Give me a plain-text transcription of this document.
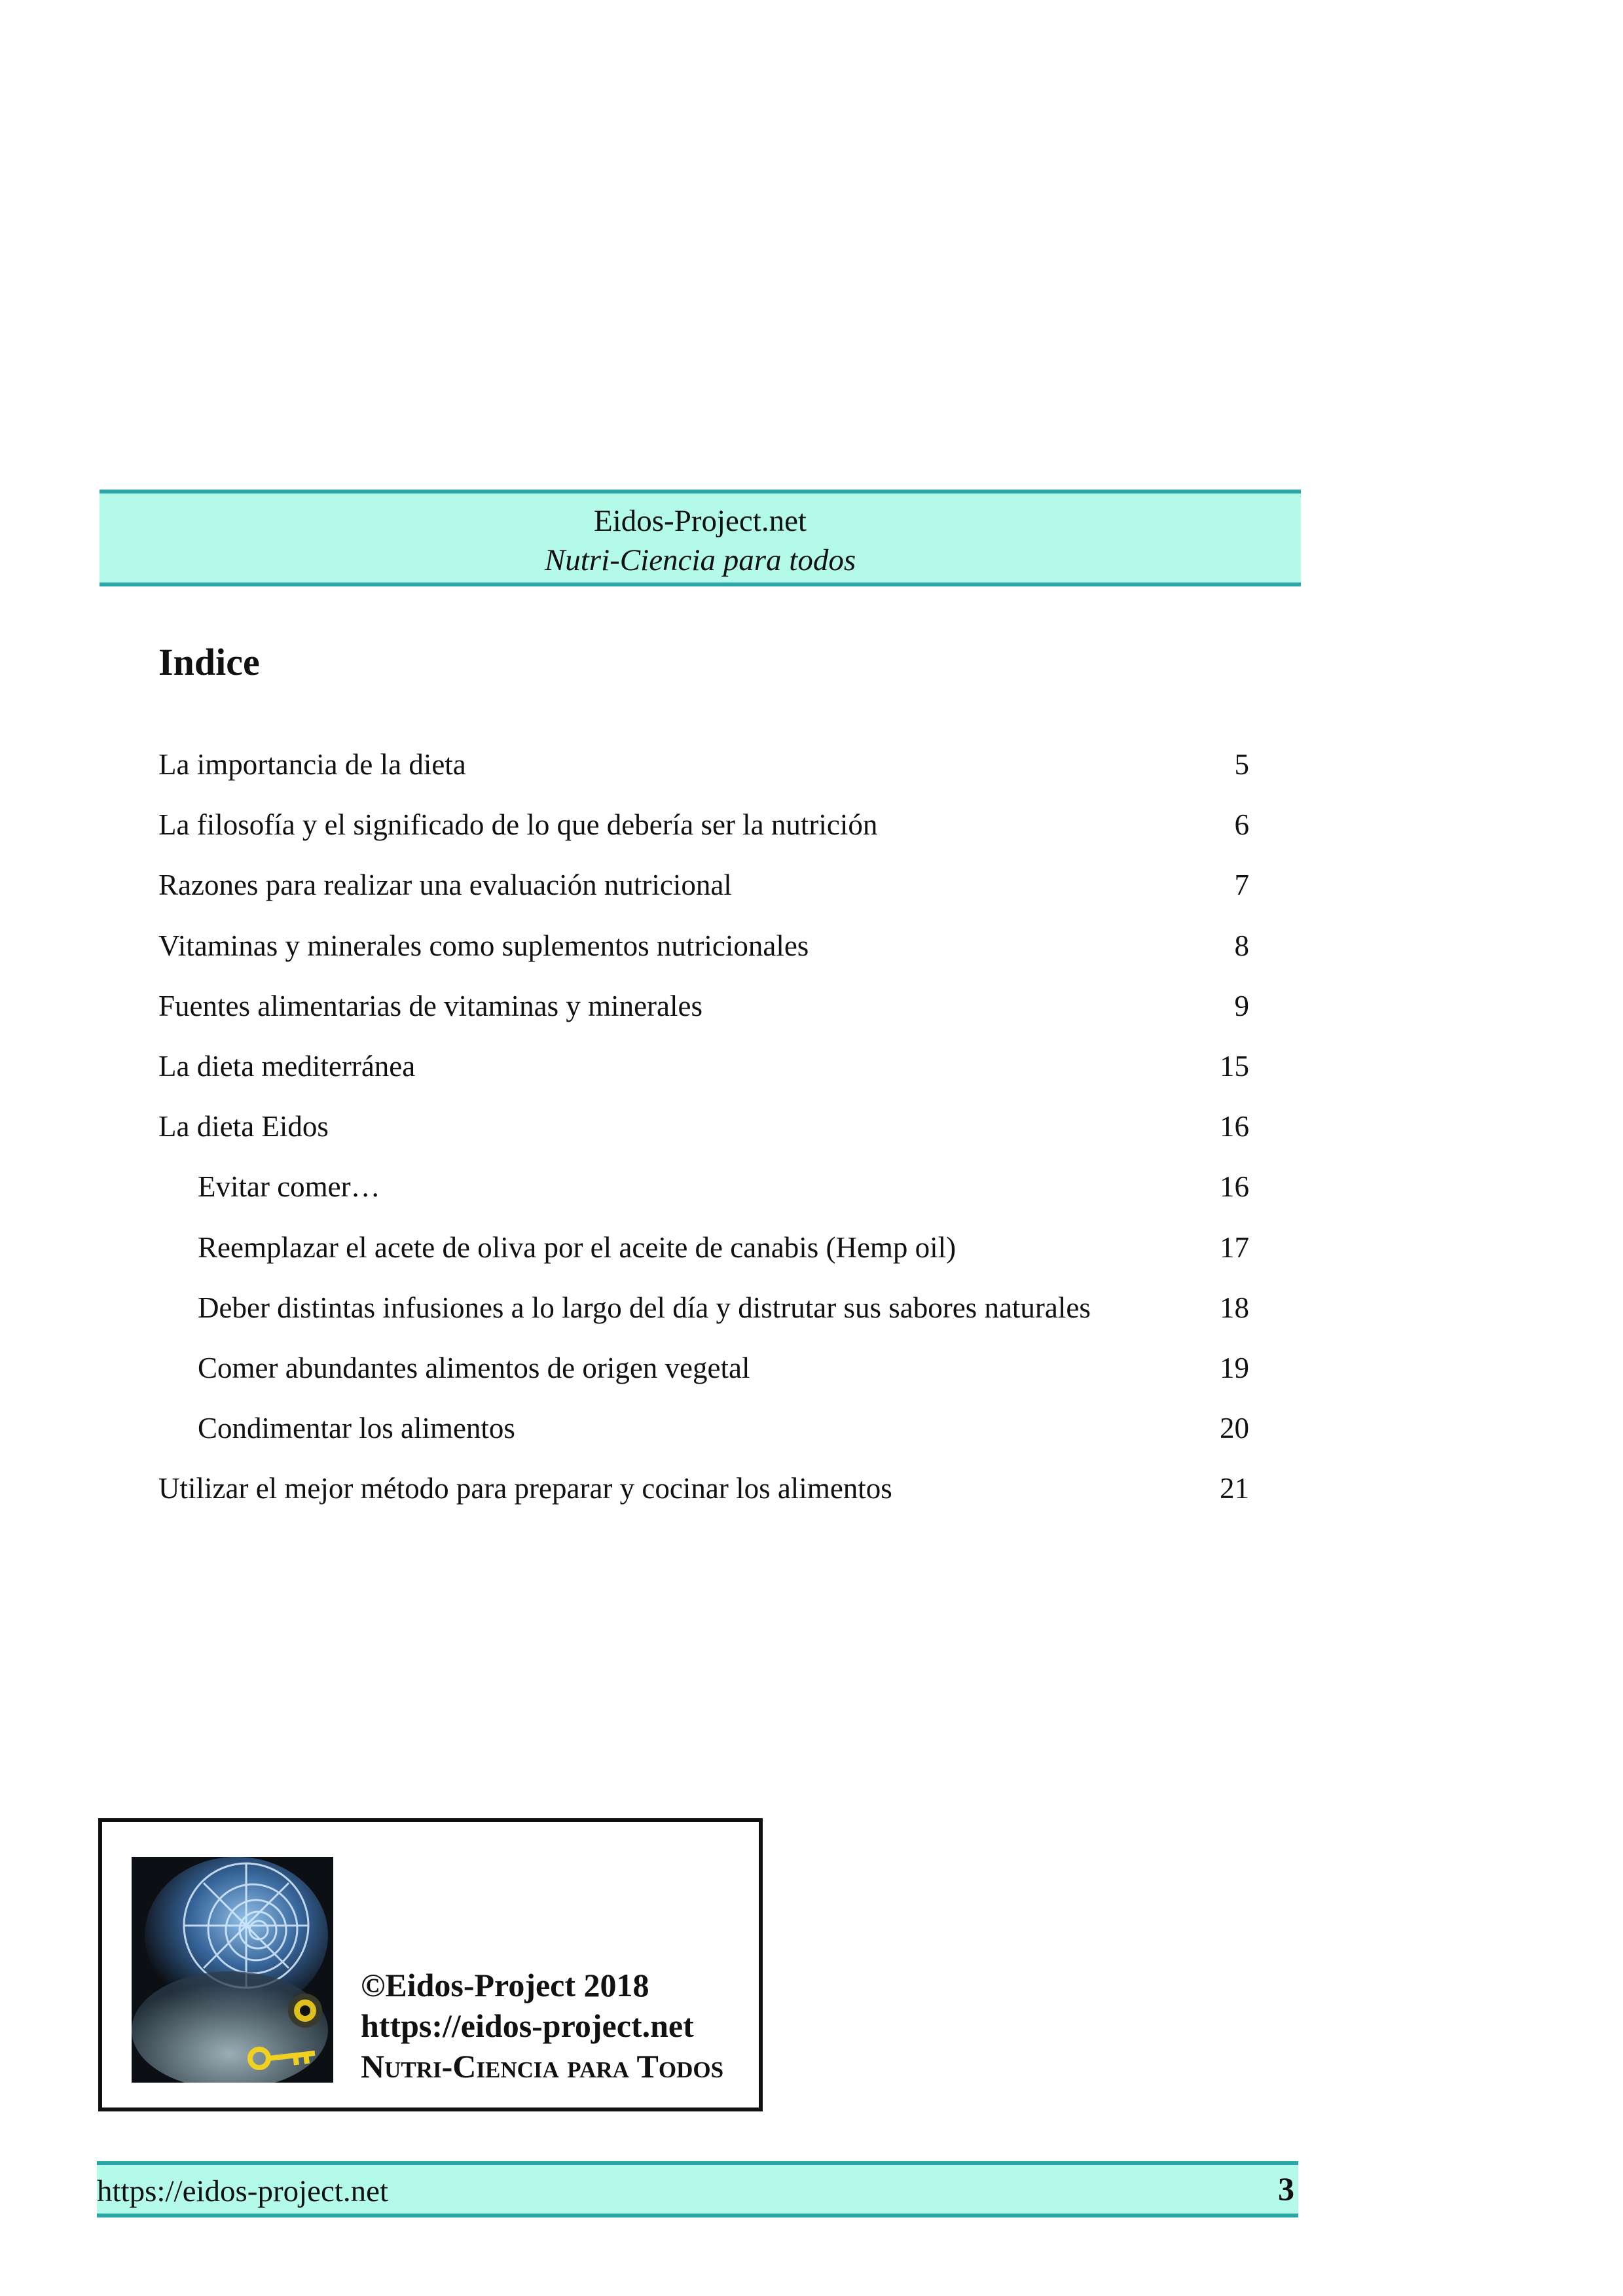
Eidos-Project.net
Nutri-Ciencia para todos
Indice
La importancia de la dieta	5
La filosofía y el significado de lo que debería ser la nutrición	6
Razones para realizar una evaluación nutricional	7
Vitaminas y minerales como suplementos nutricionales	8
Fuentes alimentarias de vitaminas y minerales	9
La dieta mediterránea	15
La dieta Eidos	16
Evitar comer…	16
Reemplazar el acete de oliva por el aceite de canabis (Hemp oil)	17
Deber distintas infusiones a lo largo del día y distrutar sus sabores naturales	18
Comer abundantes alimentos de origen vegetal	19
Condimentar los alimentos	20
Utilizar el mejor método para preparar y cocinar los alimentos	21
©Eidos-Project 2018
https://eidos-project.net
Nutri-Ciencia para Todos
https://eidos-project.net	3
